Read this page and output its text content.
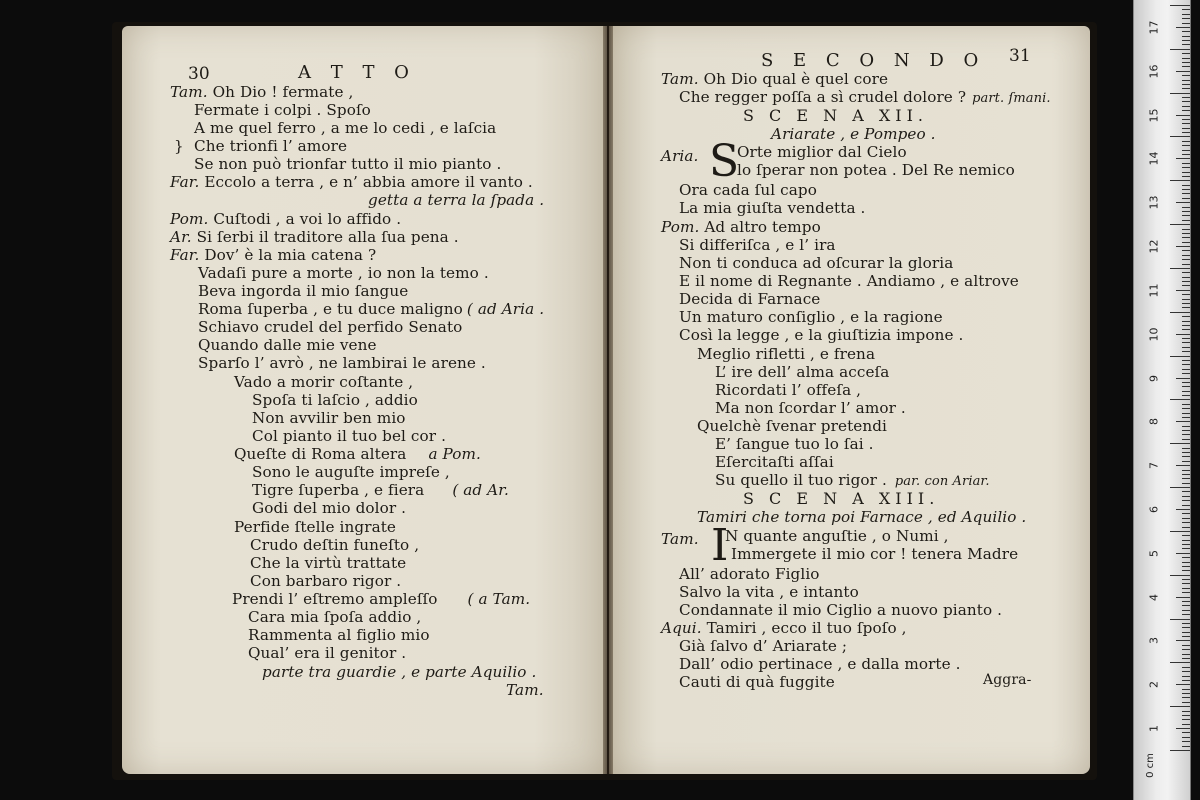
30	A T T O
Tam. Oh Dio ! fermate ,
Fermate i colpi . Spoſo
A me quel ferro , a me lo cedi , e laſcia
} Che trionfi l’ amore
Se non può trionfar tutto il mio pianto .
Far. Eccolo a terra , e n’ abbia amore il vanto .
getta a terra la ſpada .
Pom. Cuſtodi , a voi lo affido .
Ar. Si ſerbi il traditore alla ſua pena .
Far. Dov’ è la mia catena ?
Vadaſi pure a morte , io non la temo .
Beva ingorda il mio ſangue
Roma ſuperba , e tu duce maligno ( ad Aria .
Schiavo crudel del perfido Senato
Quando dalle mie vene
Sparſo l’ avrò , ne lambirai le arene .
Vado a morir coſtante ,
Spoſa ti laſcio , addio
Non avvilir ben mio
Col pianto il tuo bel cor .
Queſte di Roma altera a Pom.
Sono le auguſte impreſe ,
Tigre ſuperba , e fiera ( ad Ar.
Godi del mio dolor .
Perfide ſtelle ingrate
Crudo deſtin funeſto ,
Che la virtù trattate
Con barbaro rigor .
Prendi l’ eſtremo ampleſſo ( a Tam.
Cara mia ſpoſa addio ,
Rammenta al figlio mio
Qual’ era il genitor .
parte tra guardie , e parte Aquilio .
Tam.
S E C O N D O 31
Tam. Oh Dio qual è quel core
Che regger poſſa a sì crudel dolore ? part. ſmani.
S C E N A XII.
Ariarate , e Pompeo .
Aria. S
Orte miglior dal Cielo
lo ſperar non potea . Del Re nemico
Ora cada ſul capo
La mia giuſta vendetta .
Pom. Ad altro tempo
Si differiſca , e l’ ira
Non ti conduca ad oſcurar la gloria
E il nome di Regnante . Andiamo , e altrove
Decida di Farnace
Un maturo conſiglio , e la ragione
Così la legge , e la giuſtizia impone .
Meglio rifletti , e frena
L’ ire dell’ alma acceſa
Ricordati l’ offeſa ,
Ma non ſcordar l’ amor .
Quelchè ſvenar pretendi
E’ ſangue tuo lo ſai .
Eſercitaſti aſſai
Su quello il tuo rigor . par. con Ariar.
S C E N A XIII.
Tamiri che torna poi Farnace , ed Aquilio .
Tam. I
N quante anguſtie , o Numi ,
Immergete il mio cor ! tenera Madre
All’ adorato Figlio
Salvo la vita , e intanto
Condannate il mio Ciglio a nuovo pianto .
Aqui. Tamiri , ecco il tuo ſpoſo ,
Già ſalvo d’ Ariarate ;
Dall’ odio pertinace , e dalla morte .
Cauti di quà fuggite	Aggra-
17
16
15
14
13
12
11
10
9
8
7
6
5
4
3
2
1
0 cm
